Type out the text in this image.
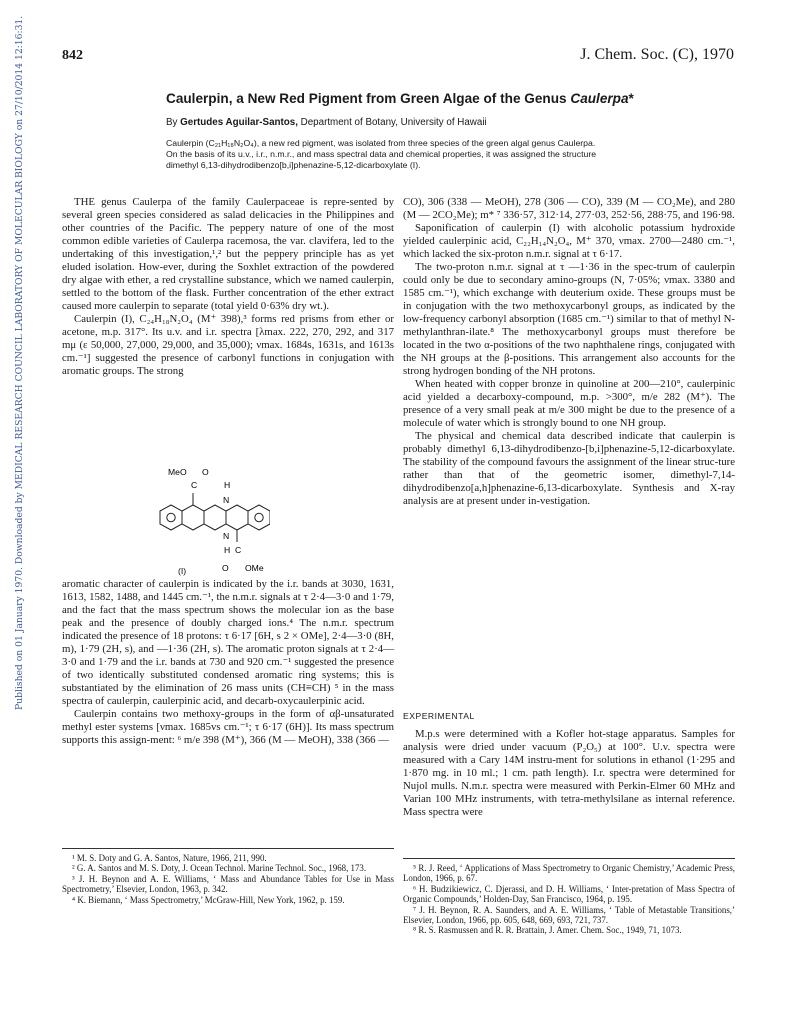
Published on 01 January 1970. Downloaded by MEDICAL RESEARCH COUNCIL LABORATORY OF MOLECULAR BIOLOGY on 27/10/2014 12:16:31.	842	J. Chem. Soc. (C), 1970
Caulerpin, a New Red Pigment from Green Algae of the Genus Caulerpa*
By Gertudes Aguilar-Santos, Department of Botany, University of Hawaii
Caulerpin (C₂₁H₁₈N₂O₄), a new red pigment, was isolated from three species of the green algal genus Caulerpa.
On the basis of its u.v., i.r., n.m.r., and mass spectral data and chemical properties, it was assigned the structure
dimethyl 6,13-dihydrodibenzo[b,i]phenazine-5,12-dicarboxylate (I).

THE genus Caulerpa of the family Caulerpaceae is repre-sented by several green species considered as salad delicacies in the Philippines and other countries of the Pacific. The peppery nature of one of the most common edible varieties of Caulerpa racemosa, the var. clavifera, led to the undertaking of this investigation,¹,² but the peppery principle has as yet eluded isolation. How-ever, during the Soxhlet extraction of the powdered dry algae with ether, a red crystalline substance, which we named caulerpin, settled to the bottom of the flask. Further concentration of the ether extract caused more caulerpin to separate (total yield 0·63% dry wt.).

Caulerpin (I), C₂₄H₁₈N₂O₄ (M⁺ 398),³ forms red prisms from ether or acetone, m.p. 317°. Its u.v. and i.r. spectra [λmax. 222, 270, 292, and 317 mμ (ε 50,000, 27,000, 29,000, and 35,000); νmax. 1684s, 1631s, and 1613s cm.⁻¹] suggested the presence of carbonyl functions in conjugation with aromatic groups. The strong

MeO O
C	H
N
N
H C
O OMe
(I)

aromatic character of caulerpin is indicated by the i.r. bands at 3030, 1631, 1613, 1582, 1488, and 1445 cm.⁻¹, the n.m.r. signals at τ 2·4—3·0 and 1·79, and the fact that the mass spectrum shows the molecular ion as the base peak and the presence of doubly charged ions.⁴ The n.m.r. spectrum indicated the presence of 18 protons: τ 6·17 [6H, s 2 × OMe], 2·4—3·0 (8H, m), 1·79 (2H, s), and —1·36 (2H, s). The aromatic proton signals at τ 2·4—3·0 and 1·79 and the i.r. bands at 730 and 920 cm.⁻¹ suggested the presence of two identically substituted condensed aromatic ring systems; this is substantiated by the elimination of 26 mass units (CH≡CH) ⁵ in the mass spectra of caulerpin, caulerpinic acid, and decarb-oxycaulerpinic acid.

Caulerpin contains two methoxy-groups in the form of αβ-unsaturated methyl ester systems [νmax. 1685vs cm.⁻¹; τ 6·17 (6H)]. Its mass spectrum supports this assign-ment: ⁶ m/e 398 (M⁺), 366 (M — MeOH), 338 (366 —

¹ M. S. Doty and G. A. Santos, Nature, 1966, 211, 990.

² G. A. Santos and M. S. Doty, J. Ocean Technol. Marine Technol. Soc., 1968, 173.

³ J. H. Beynon and A. E. Williams, ‘ Mass and Abundance Tables for Use in Mass Spectrometry,’ Elsevier, London, 1963, p. 342.

⁴ K. Biemann, ‘ Mass Spectrometry,’ McGraw-Hill, New York, 1962, p. 159.

CO), 306 (338 — MeOH), 278 (306 — CO), 339 (M — CO₂Me), and 280 (M — 2CO₂Me); m* ⁷ 336·57, 312·14, 277·03, 252·56, 288·75, and 196·98.

Saponification of caulerpin (I) with alcoholic potassium hydroxide yielded caulerpinic acid, C₂₂H₁₄N₂O₄, M⁺ 370, νmax. 2700—2480 cm.⁻¹, which lacked the six-proton n.m.r. signal at τ 6·17.

The two-proton n.m.r. signal at τ —1·36 in the spec-trum of caulerpin could only be due to secondary amino-groups (N, 7·05%; νmax. 3380 and 1585 cm.⁻¹), which exchange with deuterium oxide. These groups must be in conjugation with the two methoxycarbonyl groups, as indicated by the low-frequency carbonyl absorption (1685 cm.⁻¹) similar to that of methyl N-methylanthran-ilate.⁸ The methoxycarbonyl groups must therefore be located in the two α-positions of the two naphthalene rings, conjugated with the NH groups at the β-positions. This arrangement also accounts for the strong hydrogen bonding of the NH protons.

When heated with copper bronze in quinoline at 200—210°, caulerpinic acid yielded a decarboxy-compound, m.p. >300°, m/e 282 (M⁺). The presence of a very small peak at m/e 300 might be due to the presence of a molecule of water which is strongly bound to one NH group.

The physical and chemical data described indicate that caulerpin is probably dimethyl 6,13-dihydrodibenzo-[b,i]phenazine-5,12-dicarboxylate. The stability of the compound favours the assignment of the linear struc-ture rather than that of the geometric isomer, dimethyl-7,14-dihydrodibenzo[a,h]phenazine-6,13-dicarboxylate. Synthesis and X-ray analysis are at present under in-vestigation.

EXPERIMENTAL

M.p.s were determined with a Kofler hot-stage apparatus. Samples for analysis were dried under vacuum (P₂O₅) at 100°. U.v. spectra were measured with a Cary 14M instru-ment for solutions in ethanol (1·295 and 1·870 mg. in 10 ml.; 1 cm. path length). I.r. spectra were determined for Nujol mulls. N.m.r. spectra were measured with Perkin-Elmer 60 MHz and Varian 100 MHz instruments, with tetra-methylsilane as internal reference. Mass spectra were

⁵ R. J. Reed, ‘ Applications of Mass Spectrometry to Organic Chemistry,’ Academic Press, London, 1966, p. 67.

⁶ H. Budzikiewicz, C. Djerassi, and D. H. Williams, ‘ Inter-pretation of Mass Spectra of Organic Compounds,’ Holden-Day, San Francisco, 1964, p. 195.

⁷ J. H. Beynon, R. A. Saunders, and A. E. Williams, ‘ Table of Metastable Transitions,’ Elsevier, London, 1966, pp. 605, 648, 669, 693, 721, 737.

⁸ R. S. Rasmussen and R. R. Brattain, J. Amer. Chem. Soc., 1949, 71, 1073.
